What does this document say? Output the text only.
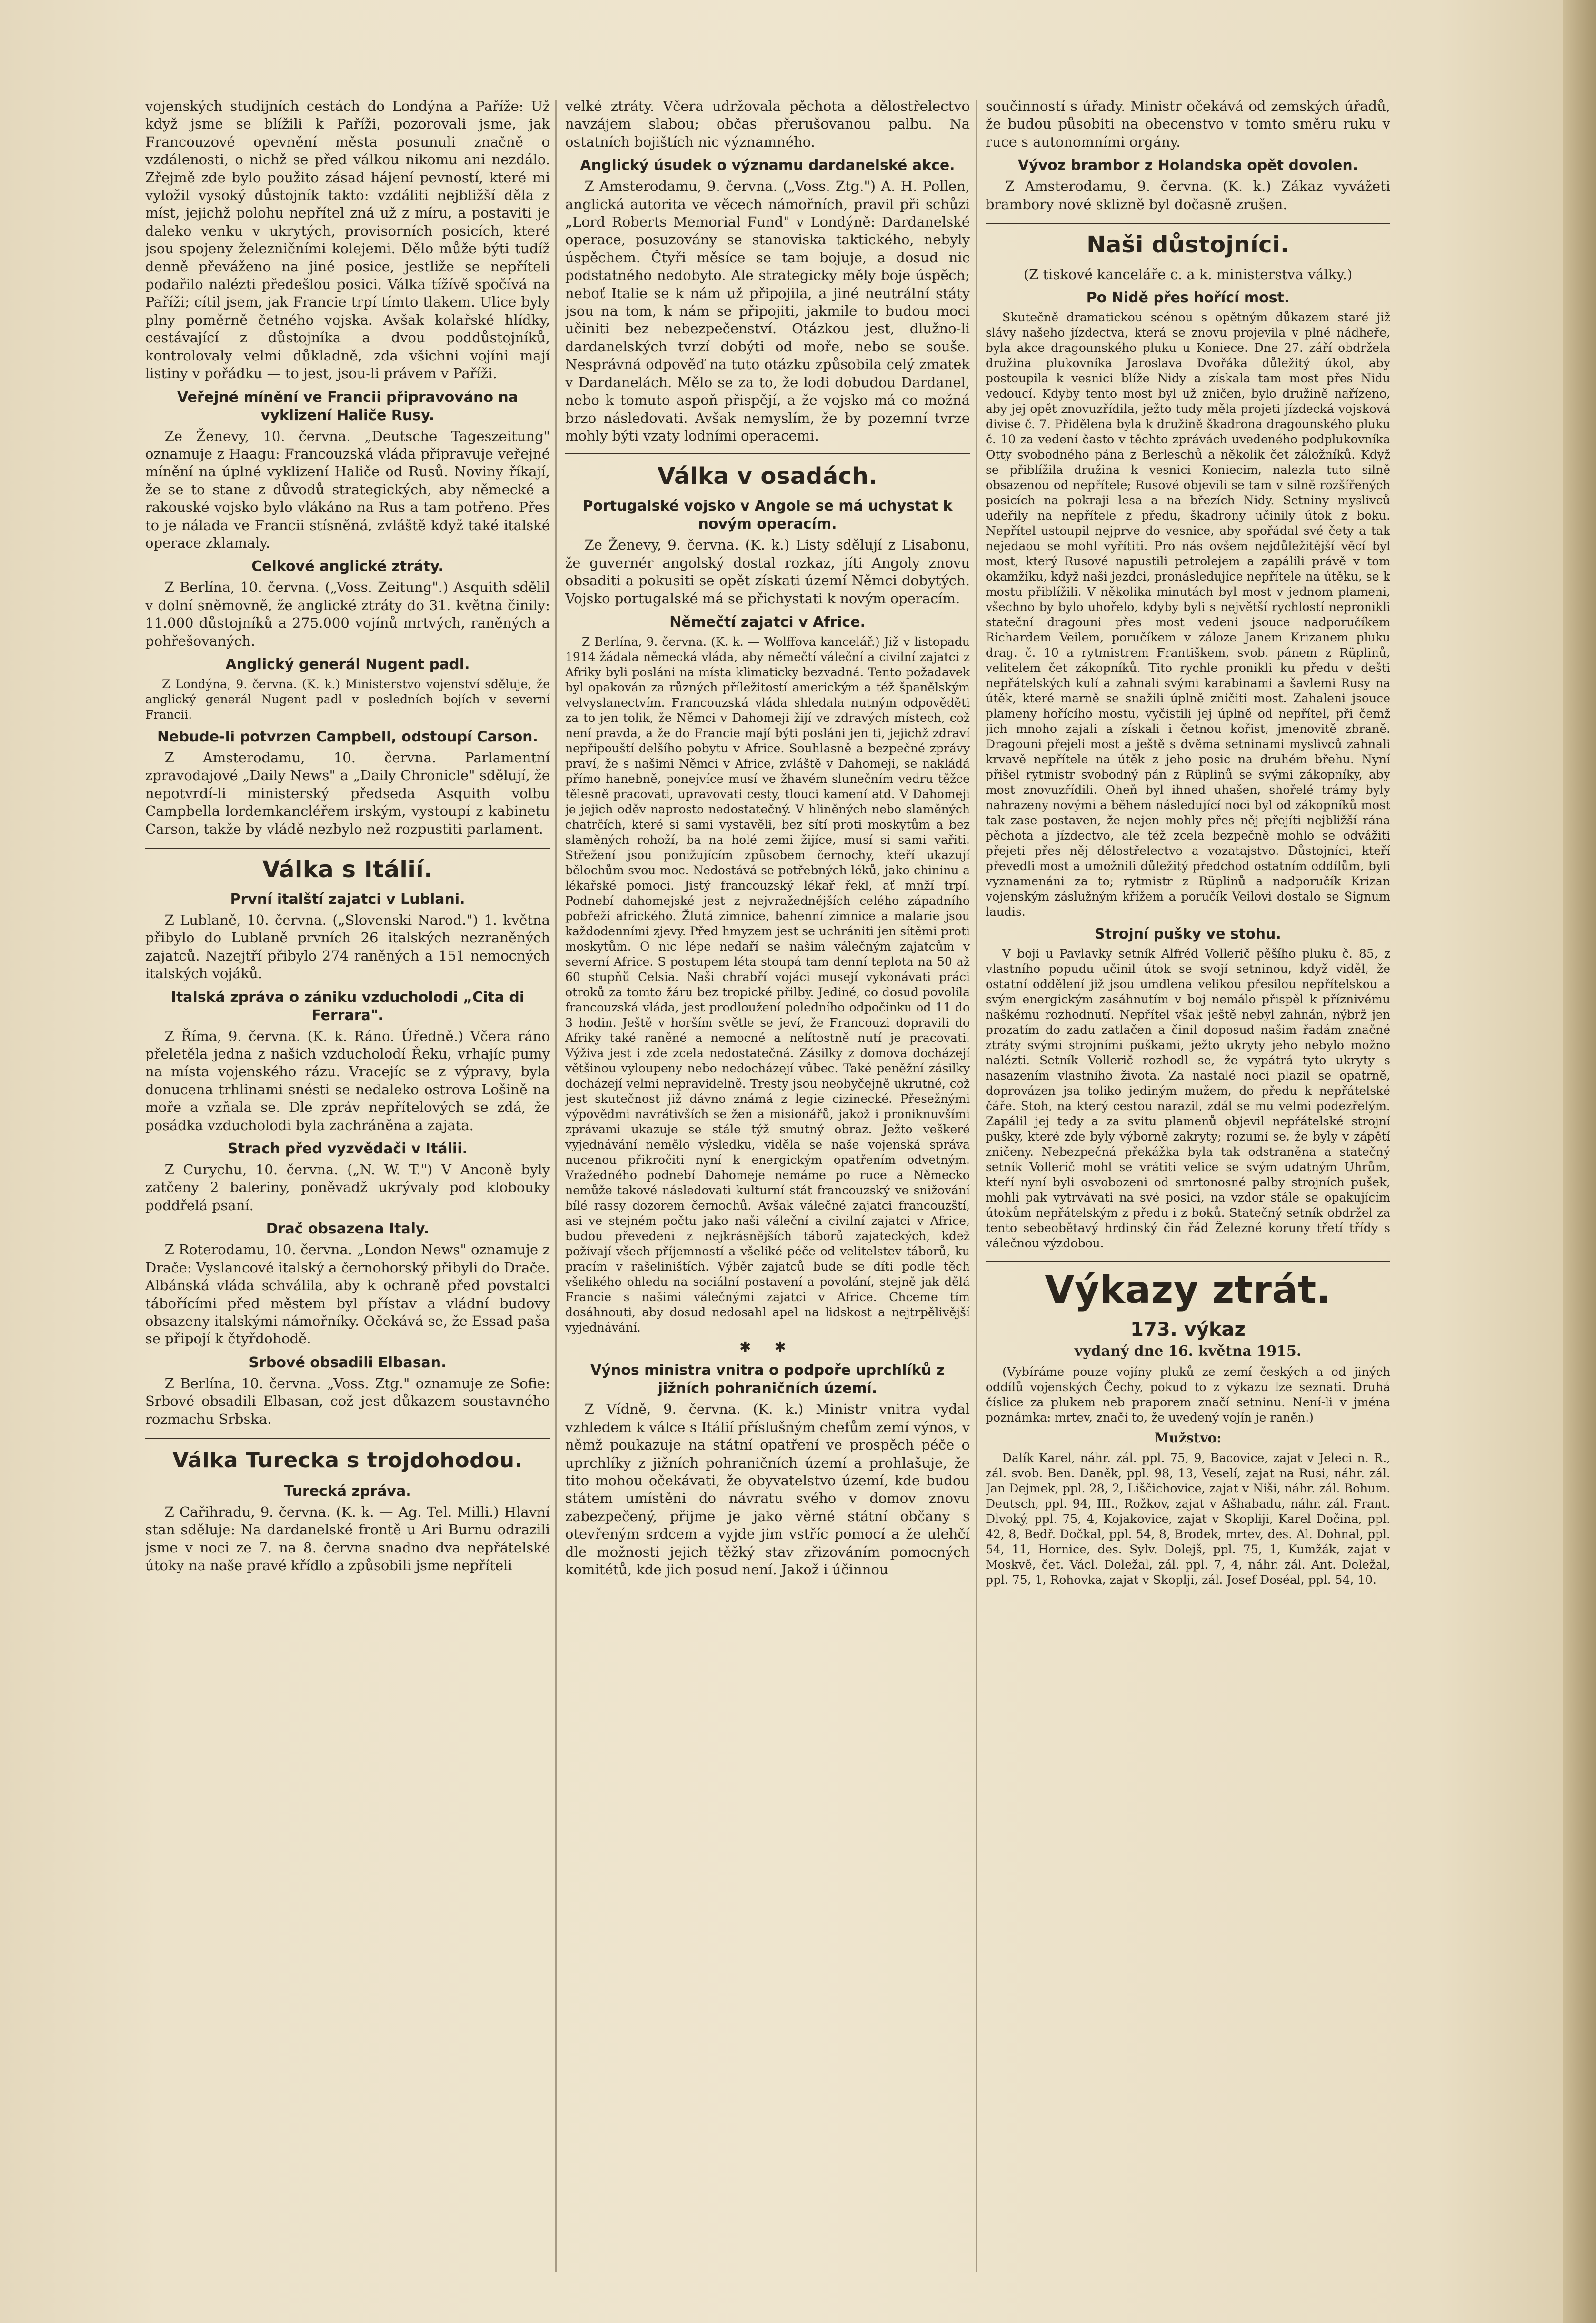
vojenských studijních cestách do Londýna a Paříže: Už když jsme se blížili k Paříži, pozorovali jsme, jak Francouzové opevnění města posunuli značně o vzdálenosti, o nichž se před válkou nikomu ani nezdálo. Zřejmě zde bylo použito zásad hájení pevností, které mi vyložil vysoký důstojník takto: vzdáliti nejbližší děla z míst, jejichž polohu nepřítel zná už z míru, a postaviti je daleko venku v ukrytých, provisorních posicích, které jsou spojeny železničními kolejemi. Dělo může býti tudíž denně převáženo na jiné posice, jestliže se nepříteli podařilo nalézti předešlou posici. Válka tížívě spočívá na Paříži; cítil jsem, jak Francie trpí tímto tlakem. Ulice byly plny poměrně četného vojska. Avšak kolařské hlídky, cestávající z důstojníka a dvou poddůstojníků, kontrolovaly velmi důkladně, zda všichni vojíni mají listiny v pořádku — to jest, jsou-li právem v Paříži.

Veřejné mínění ve Francii připravováno na vyklizení Haliče Rusy.

Ze Ženevy, 10. června. „Deutsche Tageszeitung" oznamuje z Haagu: Francouzská vláda připravuje veřejné mínění na úplné vyklizení Haliče od Rusů. Noviny říkají, že se to stane z důvodů strategických, aby německé a rakouské vojsko bylo vlákáno na Rus a tam potřeno. Přes to je nálada ve Francii stísněná, zvláště když také italské operace zklamaly.

Celkové anglické ztráty.

Z Berlína, 10. června. („Voss. Zeitung".) Asquith sdělil v dolní sněmovně, že anglické ztráty do 31. května činily: 11.000 důstojníků a 275.000 vojínů mrtvých, raněných a pohřešovaných.

Anglický generál Nugent padl.

Z Londýna, 9. června. (K. k.) Ministerstvo vojenství sděluje, že anglický generál Nugent padl v posledních bojích v severní Francii.

Nebude-li potvrzen Campbell, odstoupí Carson.

Z Amsterodamu, 10. června. Parlamentní zpravodajové „Daily News" a „Daily Chronicle" sdělují, že nepotvrdí-li ministerský předseda Asquith volbu Campbella lordemkancléřem irským, vystoupí z kabinetu Carson, takže by vládě nezbylo než rozpustiti parlament.

Válka s Itálií.
První italští zajatci v Lublani.

Z Lublaně, 10. června. („Slovenski Narod.") 1. května přibylo do Lublaně prvních 26 italských nezraněných zajatců. Nazejtří přibylo 274 raněných a 151 nemocných italských vojáků.

Italská zpráva o zániku vzducholodi „Cita di Ferrara".

Z Říma, 9. června. (K. k. Ráno. Úředně.) Včera ráno přeletěla jedna z našich vzducholodí Řeku, vrhajíc pumy na místa vojenského rázu. Vracejíc se z výpravy, byla donucena trhlinami snésti se nedaleko ostrova Lošině na moře a vzňala se. Dle zpráv nepřítelových se zdá, že posádka vzducholodi byla zachráněna a zajata.

Strach před vyzvědači v Itálii.

Z Curychu, 10. června. („N. W. T.") V Anconě byly zatčeny 2 baleriny, poněvadž ukrývaly pod klobouky poddřelá psaní.

Drač obsazena Italy.

Z Roterodamu, 10. června. „London News" oznamuje z Drače: Vyslancové italský a černohorský přibyli do Drače. Albánská vláda schválila, aby k ochraně před povstalci tábořícími před městem byl přístav a vládní budovy obsazeny italskými námořníky. Očekává se, že Essad paša se připojí k čtyřdohodě.

Srbové obsadili Elbasan.

Z Berlína, 10. června. „Voss. Ztg." oznamuje ze Sofie: Srbové obsadili Elbasan, což jest důkazem soustavného rozmachu Srbska.

Válka Turecka s trojdohodou.
Turecká zpráva.

Z Cařihradu, 9. června. (K. k. — Ag. Tel. Milli.) Hlavní stan sděluje: Na dardanelské frontě u Ari Burnu odrazili jsme v noci ze 7. na 8. června snadno dva nepřátelské útoky na naše pravé křídlo a způsobili jsme nepříteli

velké ztráty. Včera udržovala pěchota a dělostřelectvo navzájem slabou; občas přerušovanou palbu. Na ostatních bojištích nic významného.

Anglický úsudek o významu dardanelské akce.

Z Amsterodamu, 9. června. („Voss. Ztg.") A. H. Pollen, anglická autorita ve věcech námořních, pravil při schůzi „Lord Roberts Memorial Fund" v Londýně: Dardanelské operace, posuzovány se stanoviska taktického, nebyly úspěchem. Čtyři měsíce se tam bojuje, a dosud nic podstatného nedobyto. Ale strategicky měly boje úspěch; neboť Italie se k nám už připojila, a jiné neutrální státy jsou na tom, k nám se připojiti, jakmile to budou moci učiniti bez nebezpečenství. Otázkou jest, dlužno-li dardanelských tvrzí dobýti od moře, nebo se souše. Nesprávná odpověď na tuto otázku způsobila celý zmatek v Dardanelách. Mělo se za to, že lodi dobudou Dardanel, nebo k tomuto aspoň přispějí, a že vojsko má co možná brzo následovati. Avšak nemyslím, že by pozemní tvrze mohly býti vzaty lodními operacemi.

Válka v osadách.
Portugalské vojsko v Angole se má uchystat k novým operacím.

Ze Ženevy, 9. června. (K. k.) Listy sdělují z Lisabonu, že guvernér angolský dostal rozkaz, jíti Angoly znovu obsaditi a pokusiti se opět získati území Němci dobytých. Vojsko portugalské má se přichystati k novým operacím.

Němečtí zajatci v Africe.

Z Berlína, 9. června. (K. k. — Wolffova kancelář.) Již v listopadu 1914 žádala německá vláda, aby němečtí váleční a civilní zajatci z Afriky byli posláni na místa klimaticky bezvadná. Tento požadavek byl opakován za různých příležitostí americkým a též španělským velvyslanectvím. Francouzská vláda shledala nutným odpověděti za to jen tolik, že Němci v Dahomeji žijí ve zdravých místech, což není pravda, a že do Francie mají býti posláni jen ti, jejichž zdraví nepřipouští delšího pobytu v Africe. Souhlasně a bezpečné zprávy praví, že s našimi Němci v Africe, zvláště v Dahomeji, se nakládá přímo hanebně, ponejvíce musí ve žhavém slunečním vedru těžce tělesně pracovati, upravovati cesty, tlouci kamení atd. V Dahomeji je jejich oděv naprosto nedostatečný. V hliněných nebo slaměných chatrčích, které si sami vystavěli, bez sítí proti moskytům a bez slaměných rohoží, ba na holé zemi žijíce, musí si sami vařiti. Střežení jsou ponižujícím způsobem černochy, kteří ukazují bělochům svou moc. Nedostává se potřebných léků, jako chininu a lékařské pomoci. Jistý francouzský lékař řekl, ať mnží trpí. Podnebí dahomejské jest z nejvražednějších celého západního pobřeží afrického. Žlutá zimnice, bahenní zimnice a malarie jsou každodenními zjevy. Před hmyzem jest se uchrániti jen sítěmi proti moskytům. O nic lépe nedaří se našim válečným zajatcům v severní Africe. S postupem léta stoupá tam denní teplota na 50 až 60 stupňů Celsia. Naši chrabří vojáci musejí vykonávati práci otroků za tomto žáru bez tropické přilby. Jediné, co dosud povolila francouzská vláda, jest prodloužení poledního odpočinku od 11 do 3 hodin. Ještě v horším světle se jeví, že Francouzi dopravili do Afriky také raněné a nemocné a nelítostně nutí je pracovati. Výživa jest i zde zcela nedostatečná. Zásilky z domova docházejí většinou vyloupeny nebo nedocházejí vůbec. Také peněžní zásilky docházejí velmi nepravidelně. Tresty jsou neobyčejně ukrutné, což jest skutečnost již dávno známá z legie cizinecké. Přesežnými výpovědmi navrátivších se žen a misionářů, jakož i proniknuvšími zprávami ukazuje se stále týž smutný obraz. Ježto veškeré vyjednávání nemělo výsledku, viděla se naše vojenská správa nucenou přikročiti nyní k energickým opatřením odvetným. Vražedného podnebí Dahomeje nemáme po ruce a Německo nemůže takové následovati kulturní stát francouzský ve snižování bílé rassy dozorem černochů. Avšak válečné zajatci francouzští, asi ve stejném počtu jako naši váleční a civilní zajatci v Africe, budou převedeni z nejkrásnějších táborů zajateckých, kdež požívají všech příjemností a všeliké péče od velitelstev táborů, ku pracím v rašeliništích. Výběr zajatců bude se díti podle těch všelikého ohledu na sociální postavení a povolání, stejně jak dělá Francie s našimi válečnými zajatci v Africe. Chceme tím dosáhnouti, aby dosud nedosahl apel na lidskost a nejtrpělivější vyjednávání.

✱ ✱
Výnos ministra vnitra o podpoře uprchlíků z jižních pohraničních území.

Z Vídně, 9. června. (K. k.) Ministr vnitra vydal vzhledem k válce s Itálií příslušným chefům zemí výnos, v němž poukazuje na státní opatření ve prospěch péče o uprchlíky z jižních pohraničních území a prohlašuje, že tito mohou očekávati, že obyvatelstvo území, kde budou státem umístěni do návratu svého v domov znovu zabezpečený, přijme je jako věrné státní občany s otevřeným srdcem a vyjde jim vstříc pomocí a že ulehčí dle možnosti jejich těžký stav zřizováním pomocných komitétů, kde jich posud není. Jakož i účinnou

součinností s úřady. Ministr očekává od zemských úřadů, že budou působiti na obecenstvo v tomto směru ruku v ruce s autonomními orgány.

Vývoz brambor z Holandska opět dovolen.

Z Amsterodamu, 9. června. (K. k.) Zákaz vyvážeti brambory nové sklizně byl dočasně zrušen.

Naši důstojníci.

(Z tiskové kanceláře c. a k. ministerstva války.)

Po Nidě přes hořící most.

Skutečně dramatickou scénou s opětným důkazem staré již slávy našeho jízdectva, která se znovu projevila v plné nádheře, byla akce dragounského pluku u Koniece. Dne 27. září obdržela družina plukovníka Jaroslava Dvořáka důležitý úkol, aby postoupila k vesnici blíže Nidy a získala tam most přes Nidu vedoucí. Kdyby tento most byl už zničen, bylo družině nařízeno, aby jej opět znovuzřídila, ježto tudy měla projeti jízdecká vojsková divise č. 7. Přidělena byla k družině škadrona dragounského pluku č. 10 za vedení často v těchto zprávách uvedeného podplukovníka Otty svobodného pána z Berleschů a několik čet záložníků. Když se přiblížila družina k vesnici Koniecim, nalezla tuto silně obsazenou od nepřítele; Rusové objevili se tam v silně rozšířených posicích na pokraji lesa a na březích Nidy. Setniny myslivců udeřily na nepřítele z předu, škadrony učinily útok z boku. Nepřítel ustoupil nejprve do vesnice, aby spořádal své čety a tak nejedaou se mohl vyřítiti. Pro nás ovšem nejdůležitější věcí byl most, který Rusové napustili petrolejem a zapálili právě v tom okamžiku, když naši jezdci, pronásledujíce nepřítele na útěku, se k mostu přiblížili. V několika minutách byl most v jednom plameni, všechno by bylo uhořelo, kdyby byli s největší rychlostí nepronikli stateční dragouni přes most vedeni jsouce nadporučíkem Richardem Veilem, poručíkem v záloze Janem Krizanem pluku drag. č. 10 a rytmistrem Františkem, svob. pánem z Rüplinů, velitelem čet zákopníků. Tito rychle pronikli ku předu v dešti nepřátelských kulí a zahnali svými karabinami a šavlemi Rusy na útěk, které marně se snažili úplně zničiti most. Zahaleni jsouce plameny hořícího mostu, vyčistili jej úplně od nepřítel, při čemž jich mnoho zajali a získali i četnou kořist, jmenovitě zbraně. Dragouni přejeli most a ještě s dvěma setninami myslivců zahnali krvavě nepřítele na útěk z jeho posic na druhém břehu. Nyní přišel rytmistr svobodný pán z Rüplinů se svými zákopníky, aby most znovuzřídili. Oheň byl ihned uhašen, shořelé trámy byly nahrazeny novými a během následující noci byl od zákopníků most tak zase postaven, že nejen mohly přes něj přejíti nejbližší rána pěchota a jízdectvo, ale též zcela bezpečně mohlo se odvážiti přejeti přes něj dělostřelectvo a vozatajstvo. Důstojníci, kteří převedli most a umožnili důležitý předchod ostatním oddílům, byli vyznamenáni za to; rytmistr z Rüplinů a nadporučík Krizan vojenským záslužným křížem a poručík Veilovi dostalo se Signum laudis.

Strojní pušky ve stohu.

V boji u Pavlavky setník Alfréd Vollerič pěšího pluku č. 85, z vlastního popudu učinil útok se svojí setninou, když viděl, že ostatní oddělení již jsou umdlena velikou přesilou nepřítelskou a svým energickým zasáhnutím v boj nemálo přispěl k příznivému naškému rozhodnutí. Nepřítel však ještě nebyl zahnán, nýbrž jen prozatím do zadu zatlačen a činil doposud našim řadám značné ztráty svými strojními puškami, ježto ukryty jeho nebylo možno nalézti. Setník Vollerič rozhodl se, že vypátrá tyto ukryty s nasazením vlastního života. Za nastalé noci plazil se opatrně, doprovázen jsa toliko jediným mužem, do předu k nepřátelské čáře. Stoh, na který cestou narazil, zdál se mu velmi podezřelým. Zapálil jej tedy a za svitu plamenů objevil nepřátelské strojní pušky, které zde byly výborně zakryty; rozumí se, že byly v zápětí zničeny. Nebezpečná překážka byla tak odstraněna a statečný setník Vollerič mohl se vrátiti velice se svým udatným Uhrům, kteří nyní byli osvobozeni od smrtonosné palby strojních pušek, mohli pak vytrvávati na své posici, na vzdor stále se opakujícím útokům nepřátelským z předu i z boků. Statečný setník obdržel za tento sebeobětavý hrdinský čin řád Železné koruny třetí třídy s válečnou výzdobou.

Výkazy ztrát.
173. výkaz
vydaný dne 16. května 1915.

(Vybíráme pouze vojíny pluků ze zemí českých a od jiných oddílů vojenských Čechy, pokud to z výkazu lze seznati. Druhá číslice za plukem neb praporem značí setninu. Není-li v jména poznámka: mrtev, značí to, že uvedený vojín je raněn.)

Mužstvo:

Dalík Karel, náhr. zál. ppl. 75, 9, Bacovice, zajat v Jeleci n. R., zál. svob. Ben. Daněk, ppl. 98, 13, Veselí, zajat na Rusi, náhr. zál. Jan Dejmek, ppl. 28, 2, Liščichovice, zajat v Niši, náhr. zál. Bohum. Deutsch, ppl. 94, III., Rožkov, zajat v Ašhabadu, náhr. zál. Frant. Dlvoký, ppl. 75, 4, Kojakovice, zajat v Skopliji, Karel Dočina, ppl. 42, 8, Bedř. Dočkal, ppl. 54, 8, Brodek, mrtev, des. Al. Dohnal, ppl. 54, 11, Hornice, des. Sylv. Dolejš, ppl. 75, 1, Kumžák, zajat v Moskvě, čet. Václ. Doležal, zál. ppl. 7, 4, náhr. zál. Ant. Doležal, ppl. 75, 1, Rohovka, zajat v Skoplji, zál. Josef Doséal, ppl. 54, 10.
